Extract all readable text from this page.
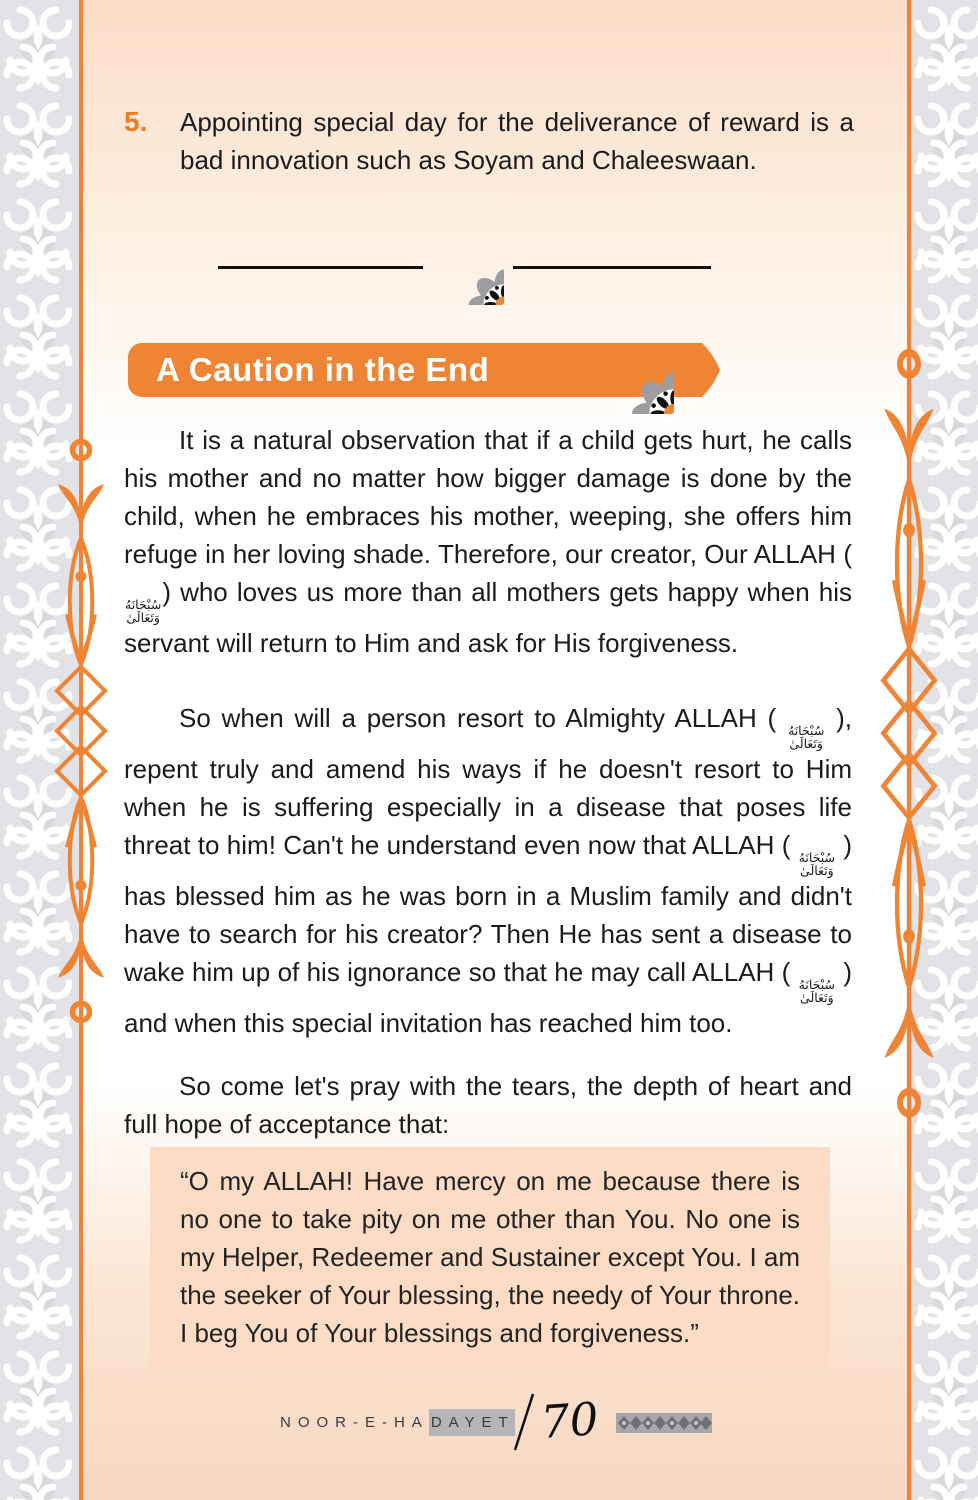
5.	Appointing special day for the deliverance of reward is a bad innovation such as Soyam and Chaleeswaan.
A Caution in the End
It is a natural observation that if a child gets hurt, he calls his mother and no matter how bigger damage is done by the child, when he embraces his mother, weeping, she offers him refuge in her loving shade. Therefore, our creator, Our ALLAH (
سُبْحَانَهُ
وَتَعَالَىٰ
) who loves us more than all mothers gets happy when his servant will return to Him and ask for His forgiveness.
So when will a person resort to Almighty ALLAH ( سُبْحَانَهُ
وَتَعَالَىٰ
), repent truly and amend his ways if he doesn't resort to Him when he is suffering especially in a disease that poses life threat to him! Can't he understand even now that ALLAH ( سُبْحَانَهُ
وَتَعَالَىٰ
) has blessed him as he was born in a Muslim family and didn't have to search for his creator? Then He has sent a disease to wake him up of his ignorance so that he may call ALLAH ( سُبْحَانَهُ
وَتَعَالَىٰ
) and when this special invitation has reached him too.
So come let's pray with the tears, the depth of heart and full hope of acceptance that:
“O my ALLAH! Have mercy on me because there is no one to take pity on me other than You. No one is my Helper, Redeemer and Sustainer except You. I am the seeker of Your blessing, the needy of Your throne. I beg You of Your blessings and forgiveness.”
NOOR-E-HA DAYET 70
